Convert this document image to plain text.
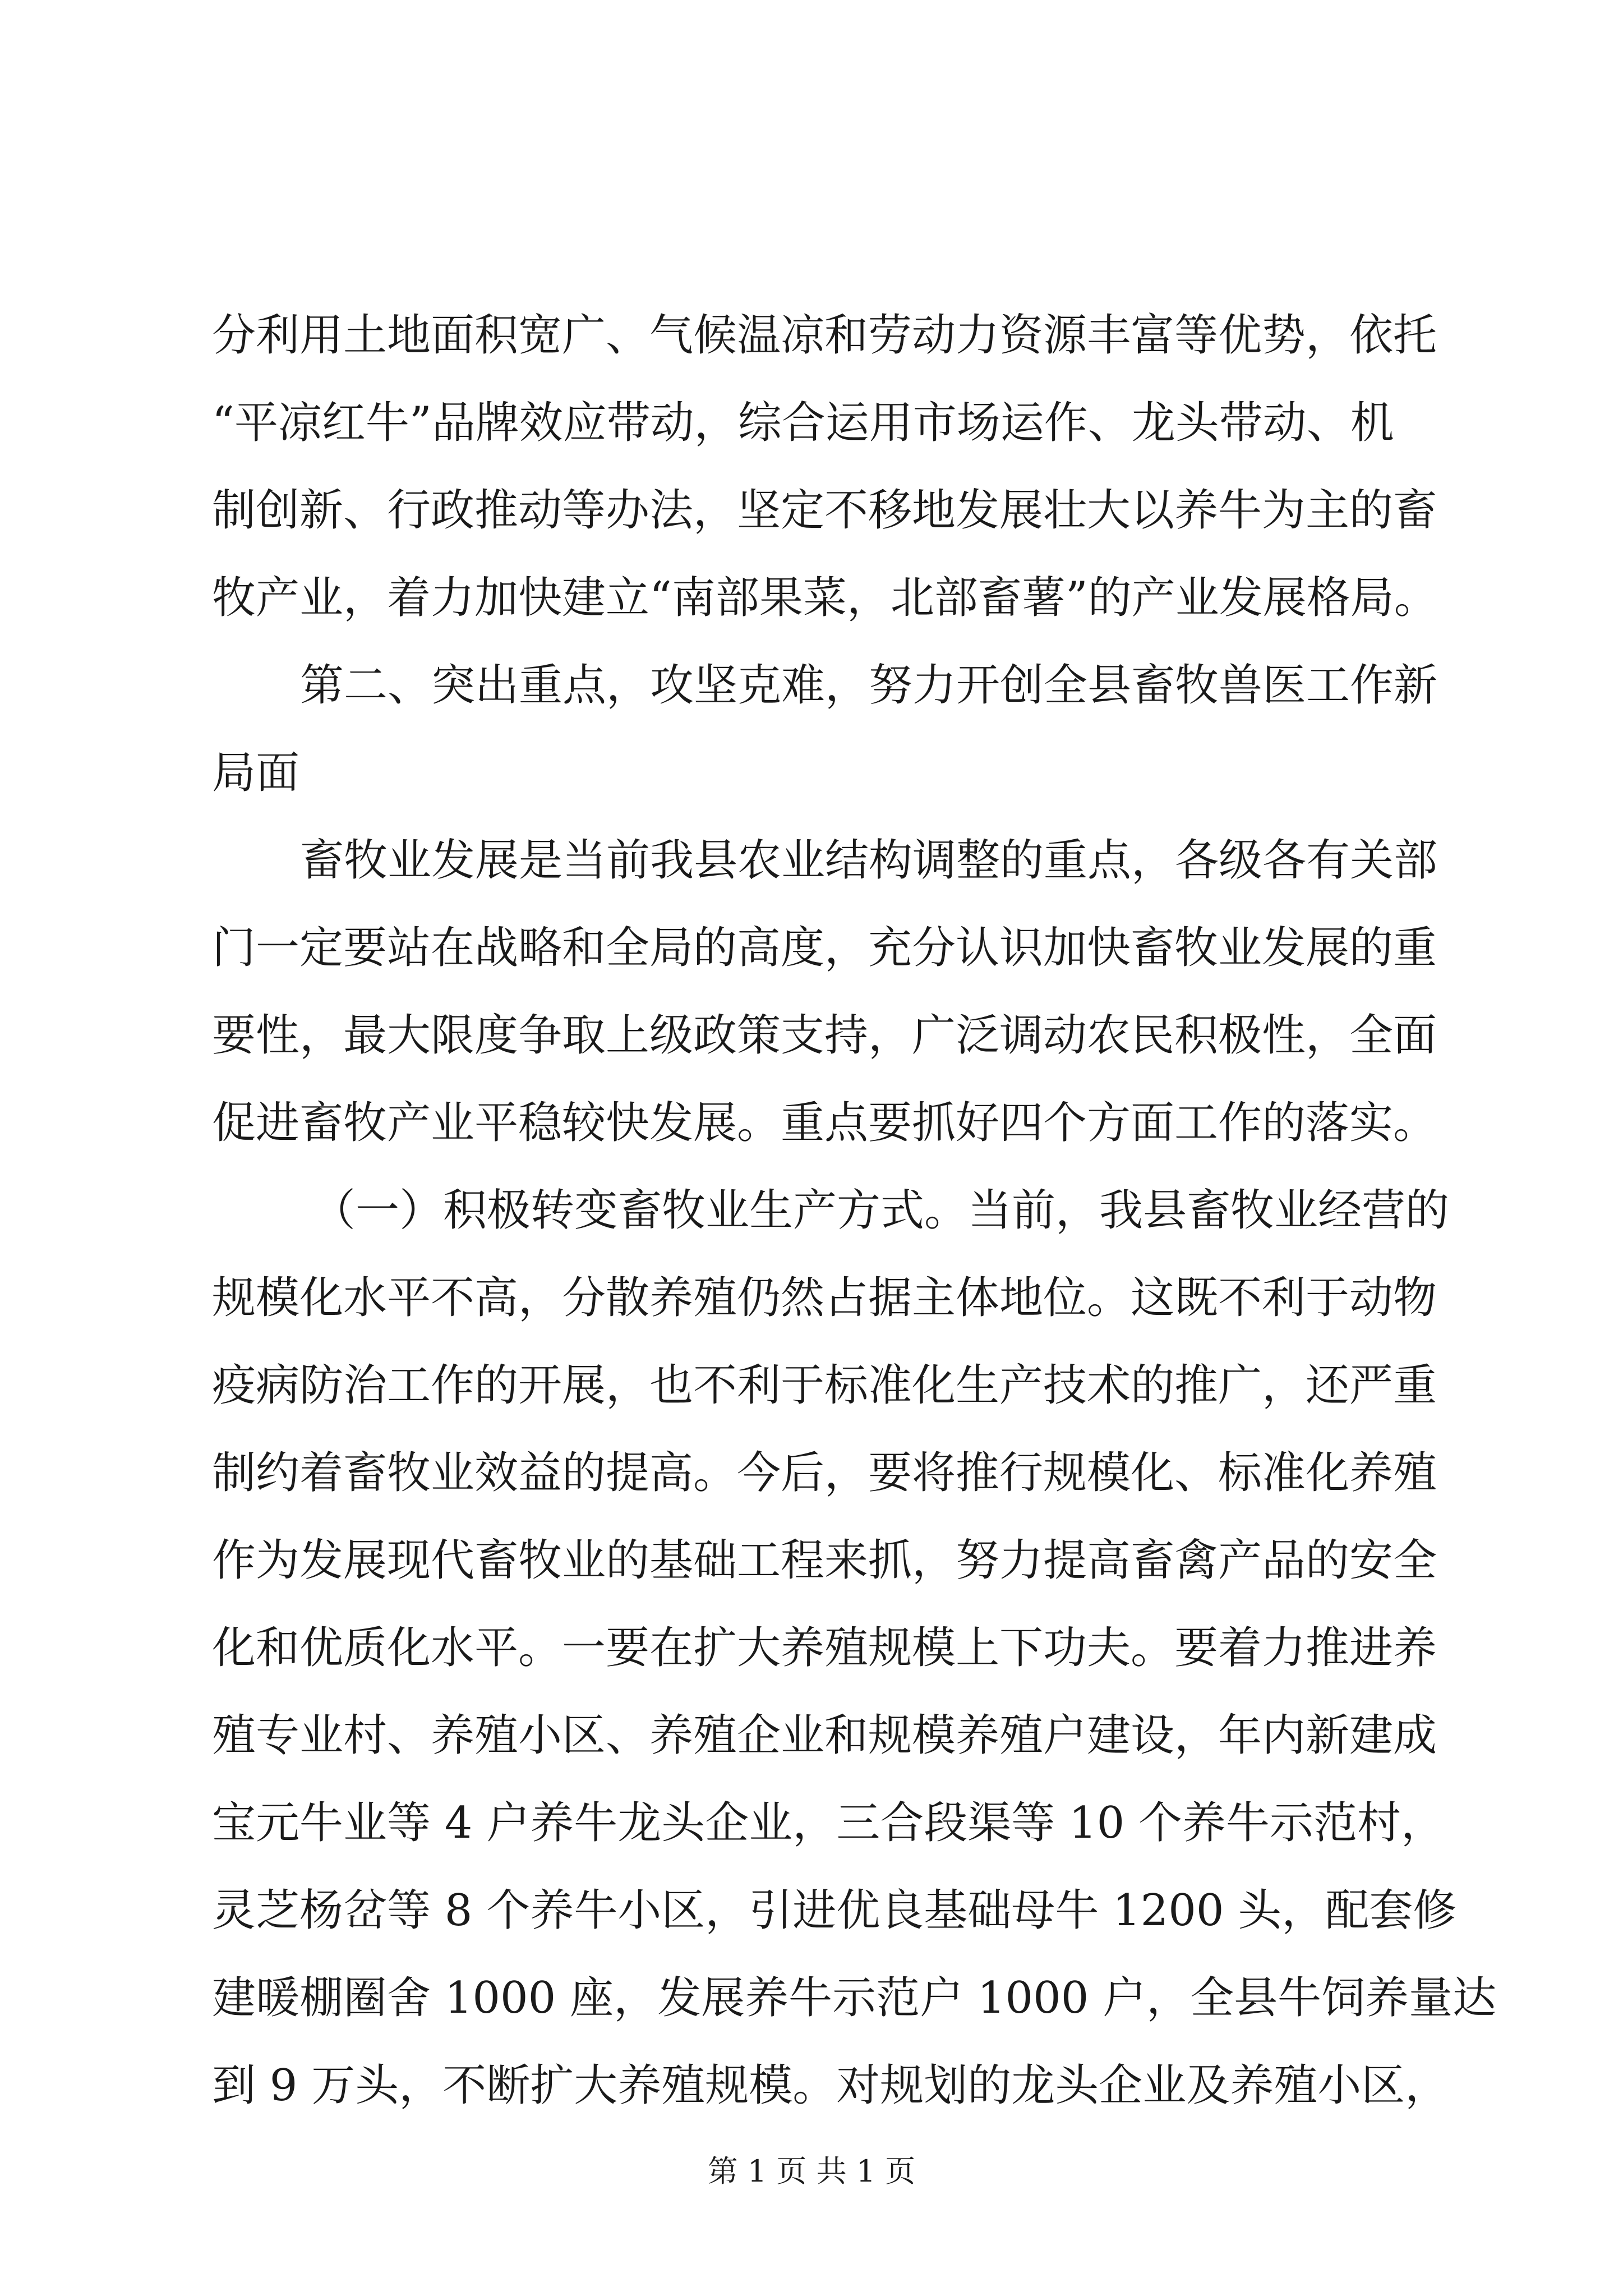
分利用土地面积宽广、气候温凉和劳动力资源丰富等优势，依托

“平凉红牛”品牌效应带动，综合运用市场运作、龙头带动、机

制创新、行政推动等办法，坚定不移地发展壮大以养牛为主的畜

牧产业，着力加快建立“南部果菜，北部畜薯”的产业发展格局。

第二、突出重点，攻坚克难，努力开创全县畜牧兽医工作新

局面

畜牧业发展是当前我县农业结构调整的重点，各级各有关部

门一定要站在战略和全局的高度，充分认识加快畜牧业发展的重

要性，最大限度争取上级政策支持，广泛调动农民积极性，全面

促进畜牧产业平稳较快发展。重点要抓好四个方面工作的落实。

（一）积极转变畜牧业生产方式。当前，我县畜牧业经营的

规模化水平不高，分散养殖仍然占据主体地位。这既不利于动物

疫病防治工作的开展，也不利于标准化生产技术的推广，还严重

制约着畜牧业效益的提高。今后，要将推行规模化、标准化养殖

作为发展现代畜牧业的基础工程来抓，努力提高畜禽产品的安全

化和优质化水平。一要在扩大养殖规模上下功夫。要着力推进养

殖专业村、养殖小区、养殖企业和规模养殖户建设，年内新建成

宝元牛业等 4 户养牛龙头企业，三合段渠等 10 个养牛示范村，

灵芝杨岔等 8 个养牛小区，引进优良基础母牛 1200 头，配套修

建暖棚圈舍 1000 座，发展养牛示范户 1000 户，全县牛饲养量达

到 9 万头，不断扩大养殖规模。对规划的龙头企业及养殖小区，

第 1 页 共 1 页
